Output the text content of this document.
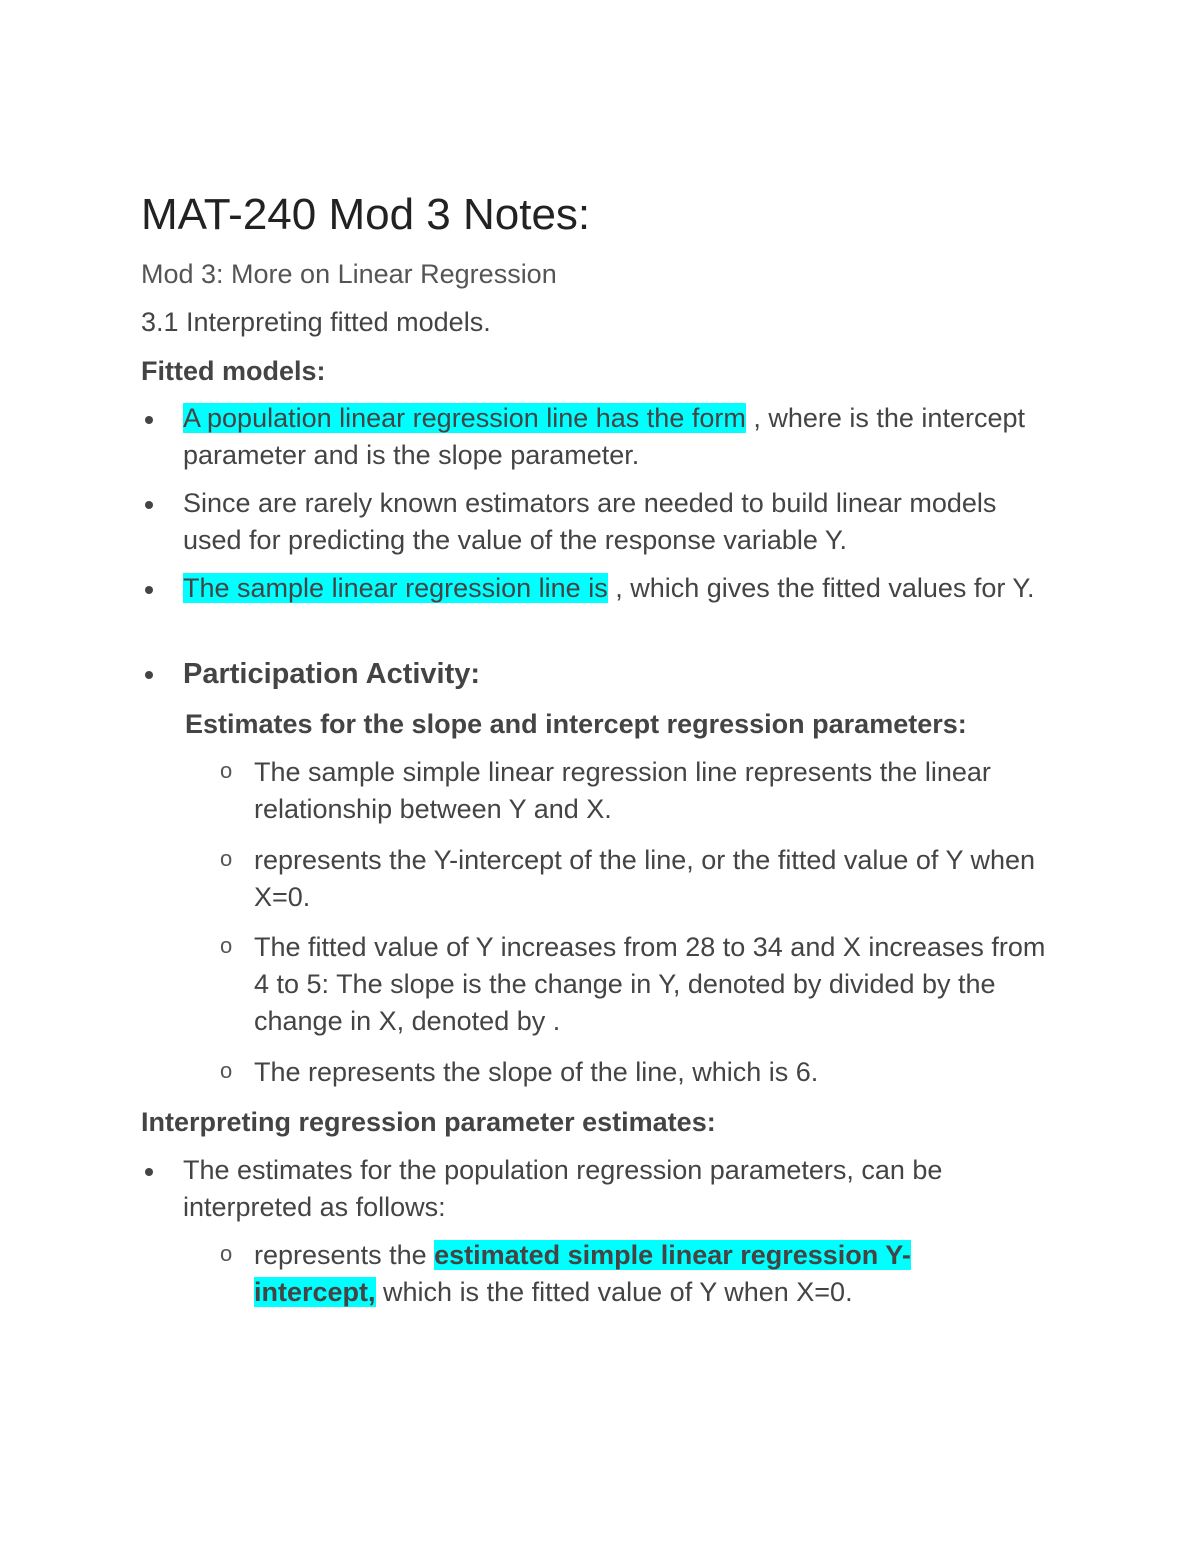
MAT-240 Mod 3 Notes:
Mod 3: More on Linear Regression
3.1 Interpreting fitted models.
Fitted models:
A population linear regression line has the form , where is the intercept parameter and is the slope parameter.
Since are rarely known estimators are needed to build linear models used for predicting the value of the response variable Y.
The sample linear regression line is , which gives the fitted values for Y.
Participation Activity:
Estimates for the slope and intercept regression parameters:
o The sample simple linear regression line represents the linear relationship between Y and X.
o represents the Y-intercept of the line, or the fitted value of Y when X=0.
o The fitted value of Y increases from 28 to 34 and X increases from 4 to 5: The slope is the change in Y, denoted by divided by the change in X, denoted by .
o The represents the slope of the line, which is 6.
Interpreting regression parameter estimates:
The estimates for the population regression parameters, can be interpreted as follows:
o represents the estimated simple linear regression Y-intercept, which is the fitted value of Y when X=0.
